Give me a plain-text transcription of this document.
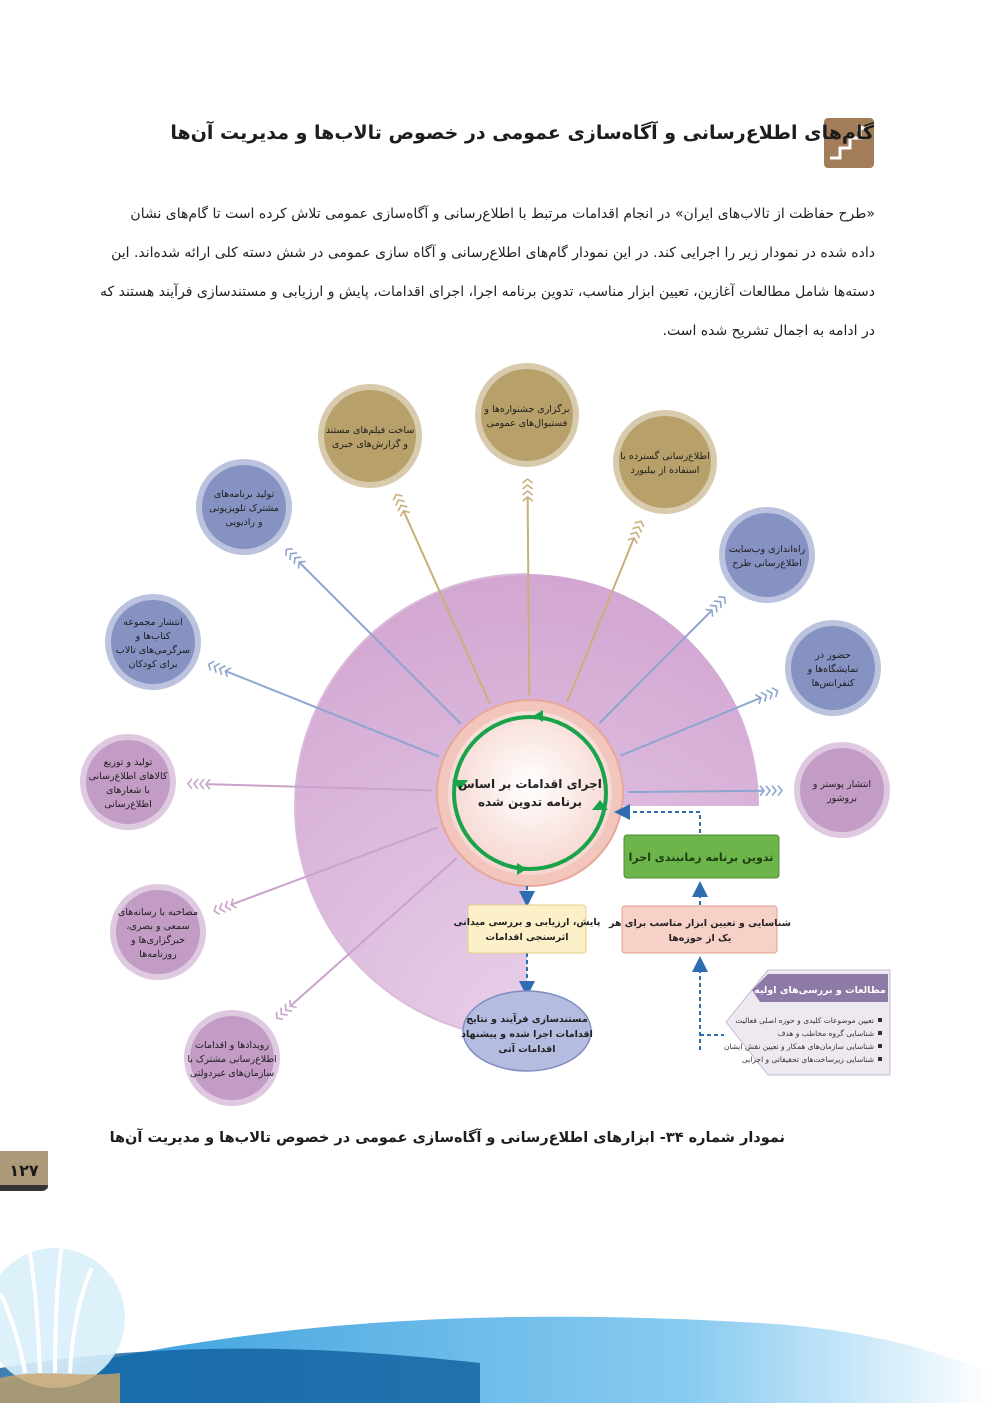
گام‌های اطلاع‌رسانی و آگاه‌سازی عمومی در خصوص تالاب‌ها و مدیریت آن‌ها

«طرح حفاظت از تالاب‌های ایران» در انجام اقدامات مرتبط با اطلاع‌رسانی و آگاه‌سازی عمومی تلاش کرده است تا گام‌های نشان

داده شده در نمودار زیر را اجرایی کند. در این نمودار گام‌های اطلاع‌رسانی و آگاه سازی عمومی در شش دسته کلی ارائه شده‌اند. این

دسته‌ها شامل مطالعات آغازین، تعیین ابزار مناسب، تدوین برنامه اجرا، اجرای اقدامات، پایش و ارزیابی و مستندسازی فرآیند هستند که

در ادامه به اجمال تشریح شده است.

برگزاری جشنواره‌ها و
فستیوال‌های عمومی
اطلاع‌رسانی گسترده با
استفاده از بیلبورد
راه‌اندازی وب‌سایت
اطلاع‌رسانی طرح
حضور در
نمایشگاه‌ها و
کنفرانس‌ها
انتشار پوستر و
بروشور
ساخت فیلم‌های مستند
و گزارش‌های خبری
تولید برنامه‌های
مشترک تلویزیونی
و رادیویی
انتشار مجموعه
کتاب‌ها و
سرگرمی‌های تالاب
برای کودکان
تولید و توزیع
کالاهای اطلاع‌رسانی
با شعارهای
اطلاع‌رسانی
مصاحبه با رسانه‌های
سمعی و بصری،
خبرگزاری‌ها و
روزنامه‌ها
رویدادها و اقدامات
اطلاع‌رسانی مشترک با
سازمان‌های غیردولتی
اجرای اقدامات بر اساس
برنامه تدوین شده
تدوین برنامه زمانبندی اجرا
شناسایی و تعیین ابزار مناسب برای هر
یک از حوزه‌ها
پایش، ارزیابی و بررسی میدانی
اثرسنجی اقدامات
مستندسازی فرآیند و نتایج
اقدامات اجرا شده و پیشنهاد
اقدامات آتی
مطالعات و بررسی‌های اولیه
تعیین موضوعات کلیدی و حوزه اصلی فعالیت
شناسایی گروه مخاطب و هدف
شناسایی سازمان‌های همکار و تعیین نقش ایشان
شناسایی زیرساخت‌های تحقیقاتی و اجرایی
نمودار شماره ۳۴- ابزارهای اطلاع‌رسانی و آگاه‌سازی عمومی در خصوص تالاب‌ها و مدیریت آن‌ها
۱۲۷
